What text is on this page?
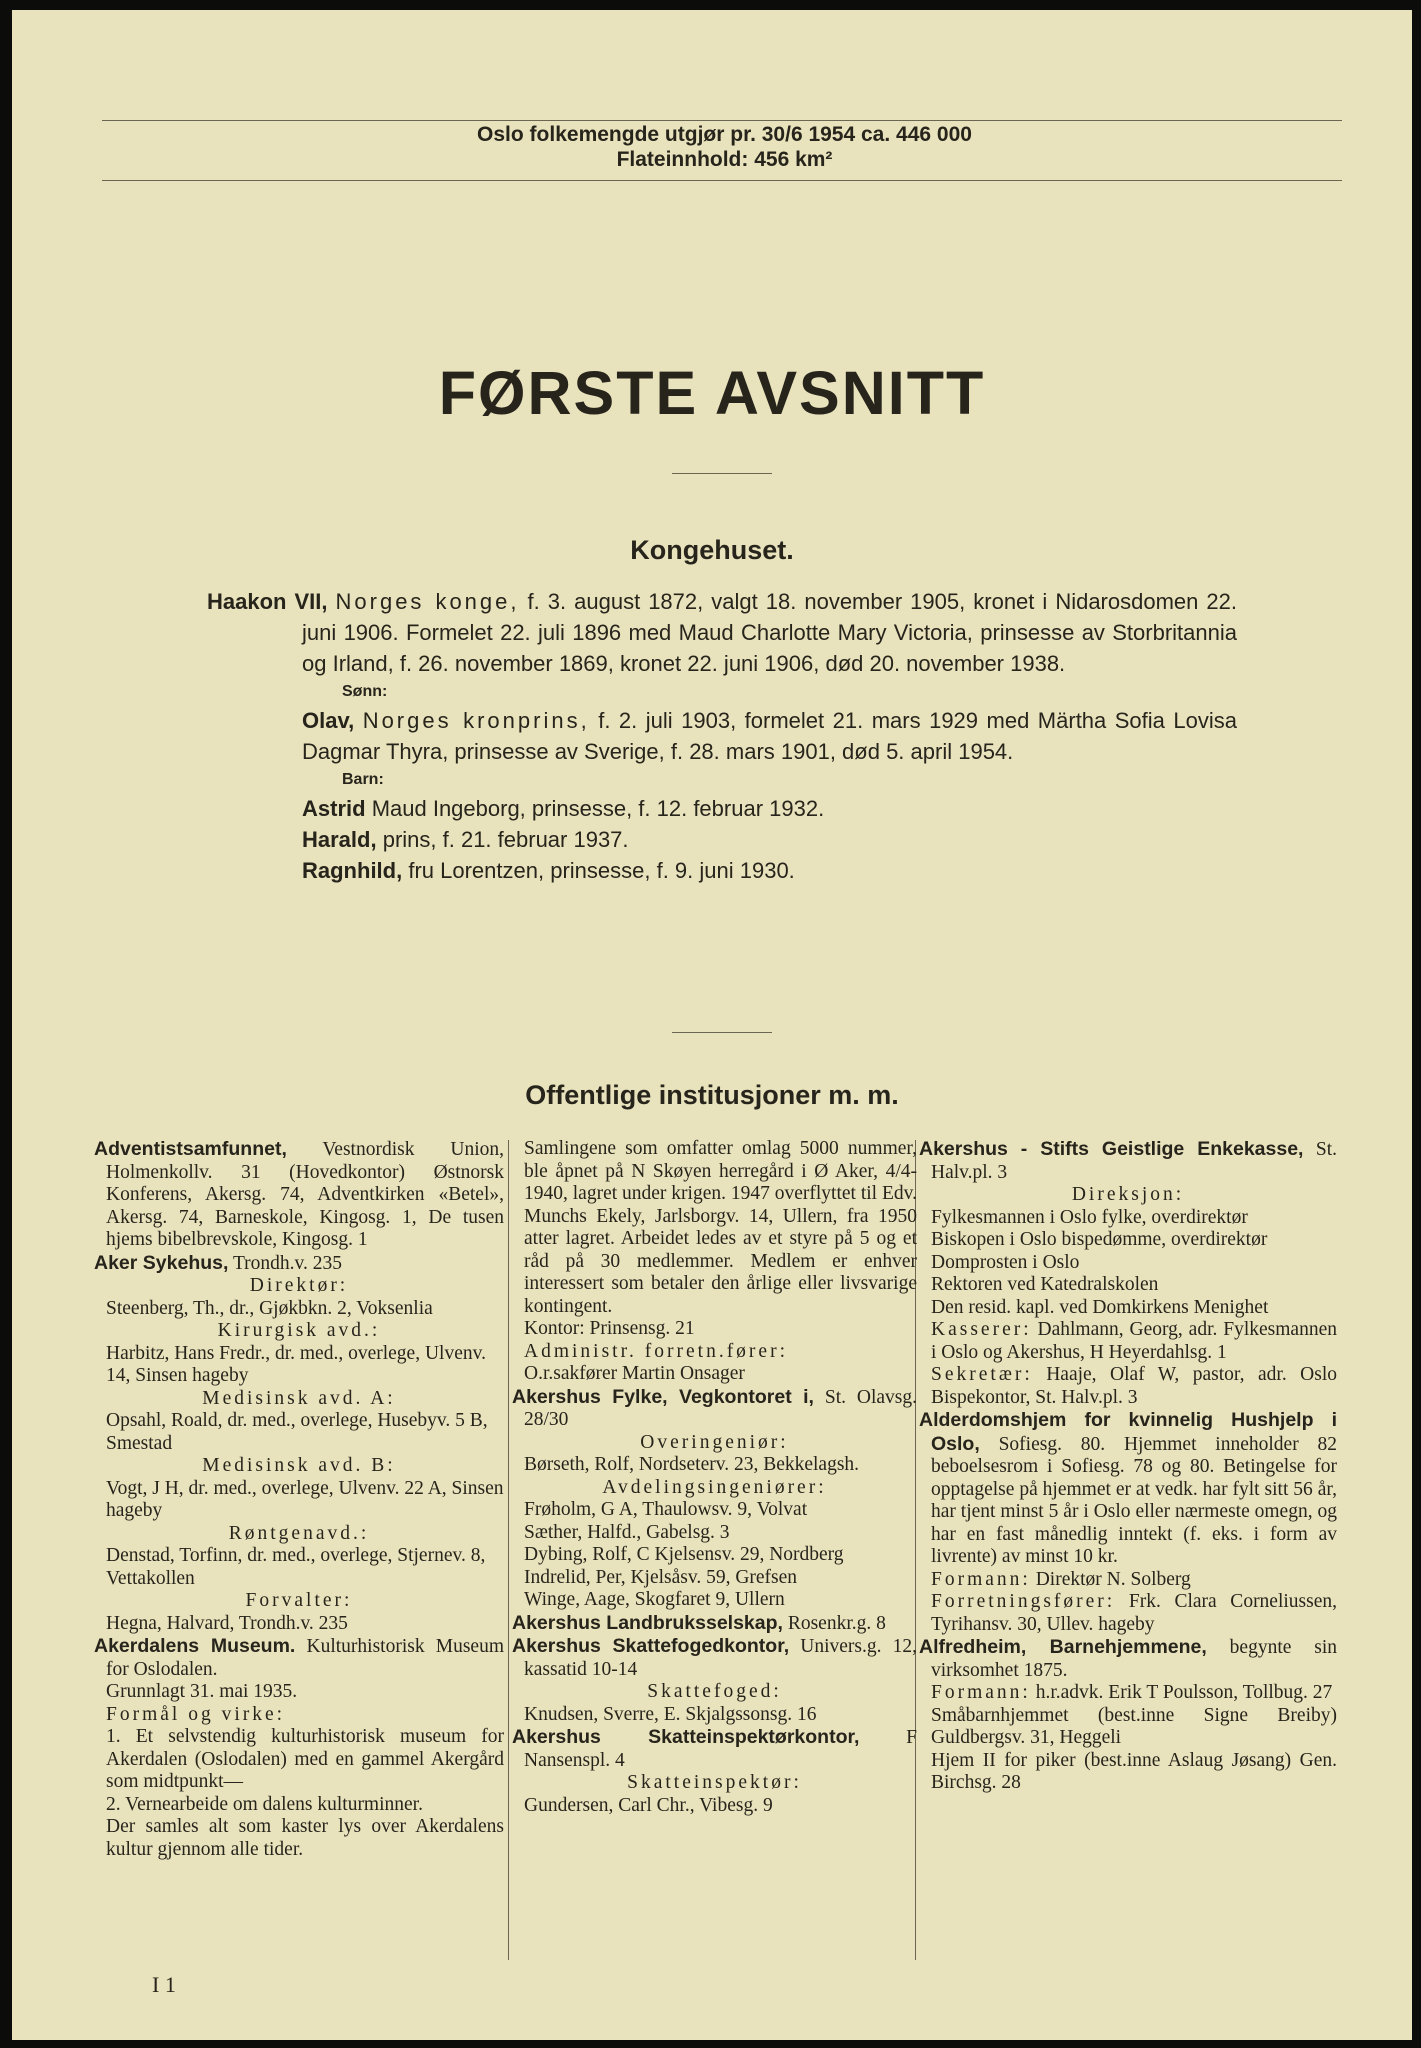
Oslo folkemengde utgjør pr. 30/6 1954 ca. 446 000
Flateinnhold: 456 km²
FØRSTE AVSNITT
Kongehuset.

Haakon VII, Norges konge, f. 3. august 1872, valgt 18. november 1905, kronet i Nidarosdomen 22. juni 1906. Formelet 22. juli 1896 med Maud Charlotte Mary Victoria, prinsesse av Storbritannia og Irland, f. 26. november 1869, kronet 22. juni 1906, død 20. november 1938.

Sønn:

Olav, Norges kronprins, f. 2. juli 1903, formelet 21. mars 1929 med Märtha Sofia Lovisa Dagmar Thyra, prinsesse av Sverige, f. 28. mars 1901, død 5. april 1954.

Barn:

Astrid Maud Ingeborg, prinsesse, f. 12. februar 1932.

Harald, prins, f. 21. februar 1937.

Ragnhild, fru Lorentzen, prinsesse, f. 9. juni 1930.

Offentlige institusjoner m. m.
Adventistsamfunnet, Vestnordisk Union, Holmenkollv. 31 (Hovedkontor) Østnorsk Konferens, Akersg. 74, Adventkirken «Betel», Akersg. 74, Barneskole, Kingosg. 1, De tusen hjems bibelbrevskole, Kingosg. 1
Aker Sykehus, Trondh.v. 235
Direktør:
Steenberg, Th., dr., Gjøkbkn. 2, Voksenlia
Kirurgisk avd.:
Harbitz, Hans Fredr., dr. med., overlege, Ulvenv. 14, Sinsen hageby
Medisinsk avd. A:
Opsahl, Roald, dr. med., overlege, Husebyv. 5 B, Smestad
Medisinsk avd. B:
Vogt, J H, dr. med., overlege, Ulvenv. 22 A, Sinsen hageby
Røntgenavd.:
Denstad, Torfinn, dr. med., overlege, Stjernev. 8, Vettakollen
Forvalter:
Hegna, Halvard, Trondh.v. 235
Akerdalens Museum. Kulturhistorisk Museum for Oslodalen.
Grunnlagt 31. mai 1935.
Formål og virke:
1. Et selvstendig kulturhistorisk museum for Akerdalen (Oslodalen) med en gammel Akergård som midtpunkt—
2. Vernearbeide om dalens kulturminner.
Der samles alt som kaster lys over Akerdalens kultur gjennom alle tider.
Samlingene som omfatter omlag 5000 nummer, ble åpnet på N Skøyen herregård i Ø Aker, 4/4-1940, lagret under krigen. 1947 overflyttet til Edv. Munchs Ekely, Jarlsborgv. 14, Ullern, fra 1950 atter lagret. Arbeidet ledes av et styre på 5 og et råd på 30 medlemmer. Medlem er enhver interessert som betaler den årlige eller livsvarige kontingent.
Kontor: Prinsensg. 21
Administr. forretn.fører:
O.r.sakfører Martin Onsager
Akershus Fylke, Vegkontoret i, St. Olavsg. 28/30
Overingeniør:
Børseth, Rolf, Nordseterv. 23, Bekkelagsh.
Avdelingsingeniører:
Frøholm, G A, Thaulowsv. 9, Volvat
Sæther, Halfd., Gabelsg. 3
Dybing, Rolf, C Kjelsensv. 29, Nordberg
Indrelid, Per, Kjelsåsv. 59, Grefsen
Winge, Aage, Skogfaret 9, Ullern
Akershus Landbruksselskap, Rosenkr.g. 8
Akershus Skattefogedkontor, Univers.g. 12, kassatid 10-14
Skattefoged:
Knudsen, Sverre, E. Skjalgssonsg. 16
Akershus Skatteinspektørkontor, F Nansenspl. 4
Skatteinspektør:
Gundersen, Carl Chr., Vibesg. 9
Akershus - Stifts Geistlige Enkekasse, St. Halv.pl. 3
Direksjon:
Fylkesmannen i Oslo fylke, overdirektør
Biskopen i Oslo bispedømme, overdirektør
Domprosten i Oslo
Rektoren ved Katedralskolen
Den resid. kapl. ved Domkirkens Menighet
Kasserer: Dahlmann, Georg, adr. Fylkesmannen i Oslo og Akershus, H Heyerdahlsg. 1
Sekretær: Haaje, Olaf W, pastor, adr. Oslo Bispekontor, St. Halv.pl. 3
Alderdomshjem for kvinnelig Hushjelp i Oslo, Sofiesg. 80. Hjemmet inneholder 82 beboelsesrom i Sofiesg. 78 og 80. Betingelse for opptagelse på hjemmet er at vedk. har fylt sitt 56 år, har tjent minst 5 år i Oslo eller nærmeste omegn, og har en fast månedlig inntekt (f. eks. i form av livrente) av minst 10 kr.
Formann: Direktør N. Solberg
Forretningsfører: Frk. Clara Corneliussen, Tyrihansv. 30, Ullev. hageby
Alfredheim, Barnehjemmene, begynte sin virksomhet 1875.
Formann: h.r.advk. Erik T Poulsson, Tollbug. 27
Småbarnhjemmet (best.inne Signe Breiby) Guldbergsv. 31, Heggeli
Hjem II for piker (best.inne Aslaug Jøsang) Gen. Birchsg. 28
I 1
